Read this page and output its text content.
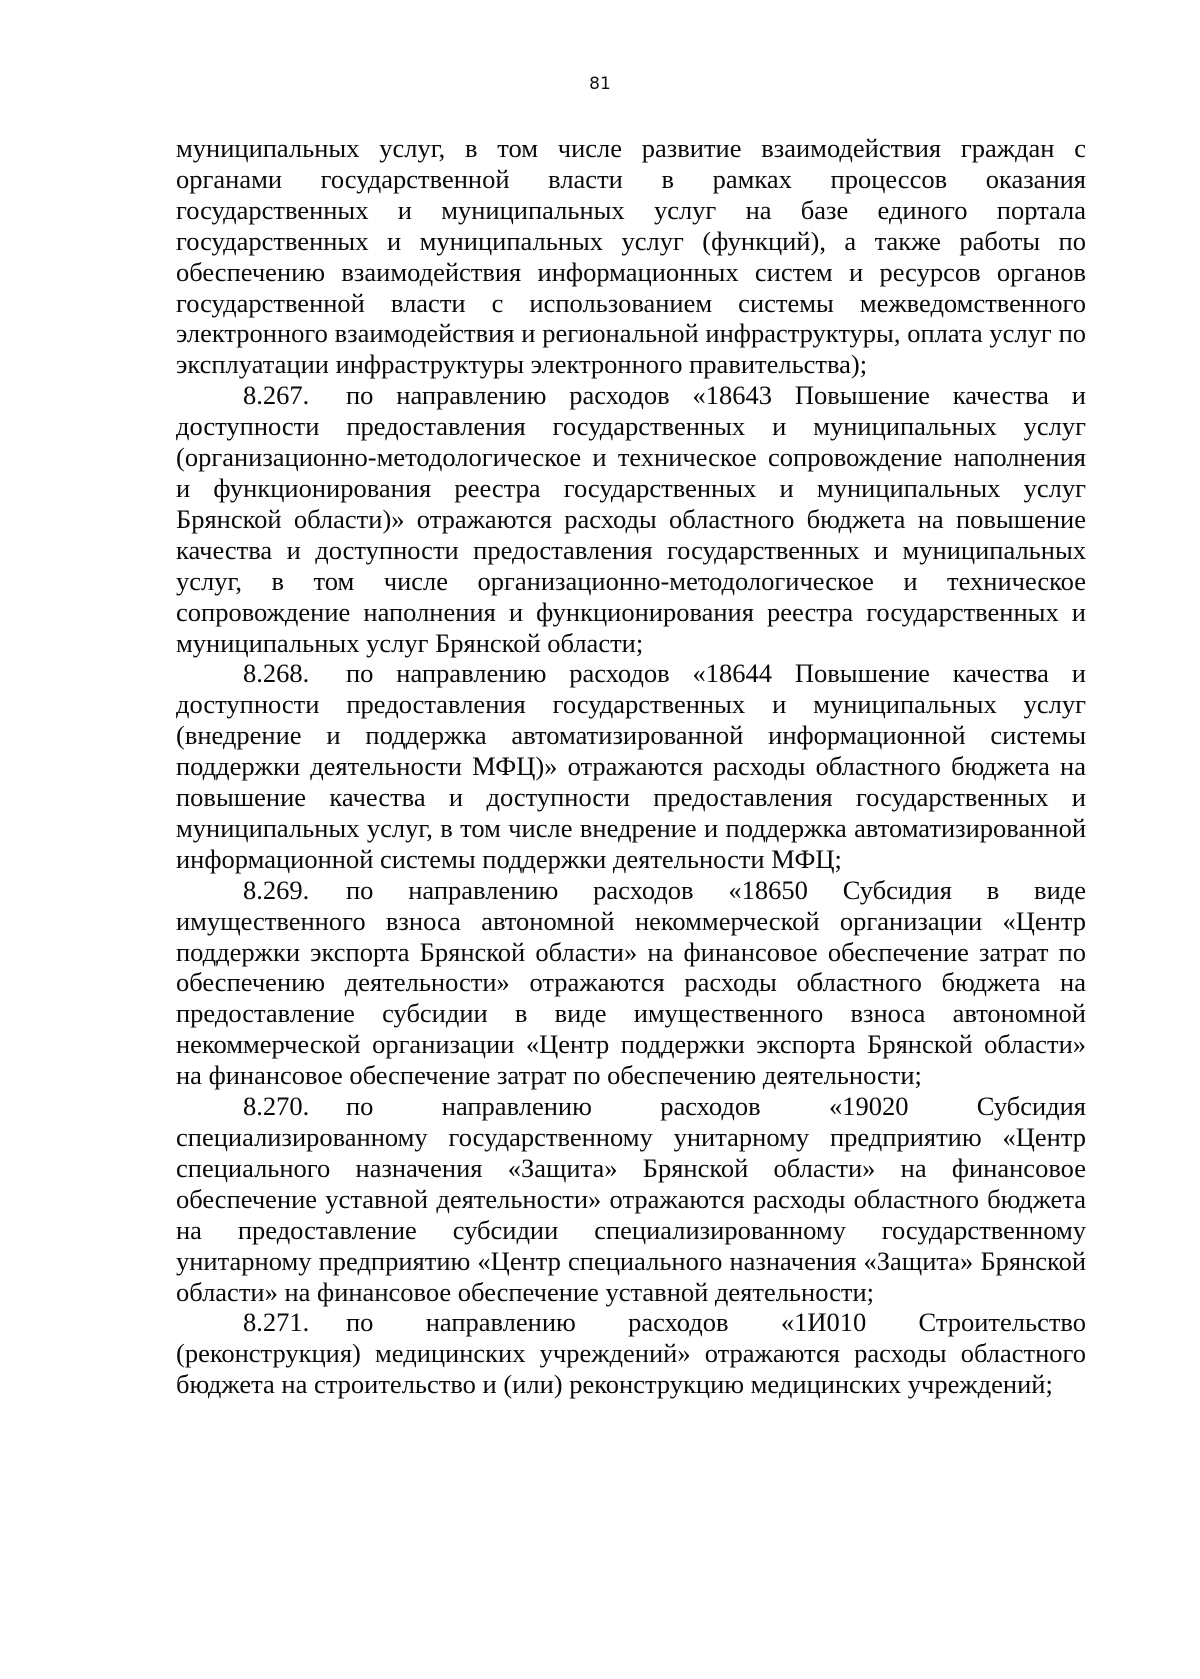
81

муниципальных услуг, в том числе развитие взаимодействия граждан с органами государственной власти в рамках процессов оказания государственных и муниципальных услуг на базе единого портала государственных и муниципальных услуг (функций), а также работы по обеспечению взаимодействия информационных систем и ресурсов органов государственной власти с использованием системы межведомственного электронного взаимодействия и региональной инфраструктуры, оплата услуг по эксплуатации инфраструктуры электронного правительства);

8.267. по направлению расходов «18643 Повышение качества и доступности предоставления государственных и муниципальных услуг (организационно-методологическое и техническое сопровождение наполнения и функционирования реестра государственных и муниципальных услуг Брянской области)» отражаются расходы областного бюджета на повышение качества и доступности предоставления государственных и муниципальных услуг, в том числе организационно-методологическое и техническое сопровождение наполнения и функционирования реестра государственных и муниципальных услуг Брянской области;

8.268. по направлению расходов «18644 Повышение качества и доступности предоставления государственных и муниципальных услуг (внедрение и поддержка автоматизированной информационной системы поддержки деятельности МФЦ)» отражаются расходы областного бюджета на повышение качества и доступности предоставления государственных и муниципальных услуг, в том числе внедрение и поддержка автоматизированной информационной системы поддержки деятельности МФЦ;

8.269. по направлению расходов «18650 Субсидия в виде имущественного взноса автономной некоммерческой организации «Центр поддержки экспорта Брянской области» на финансовое обеспечение затрат по обеспечению деятельности» отражаются расходы областного бюджета на предоставление субсидии в виде имущественного взноса автономной некоммерческой организации «Центр поддержки экспорта Брянской области» на финансовое обеспечение затрат по обеспечению деятельности;

8.270. по направлению расходов «19020 Субсидия специализированному государственному унитарному предприятию «Центр специального назначения «Защита» Брянской области» на финансовое обеспечение уставной деятельности» отражаются расходы областного бюджета на предоставление субсидии специализированному государственному унитарному предприятию «Центр специального назначения «Защита» Брянской области» на финансовое обеспечение уставной деятельности;

8.271. по направлению расходов «1И010 Строительство (реконструкция) медицинских учреждений» отражаются расходы областного бюджета на строительство и (или) реконструкцию медицинских учреждений;
